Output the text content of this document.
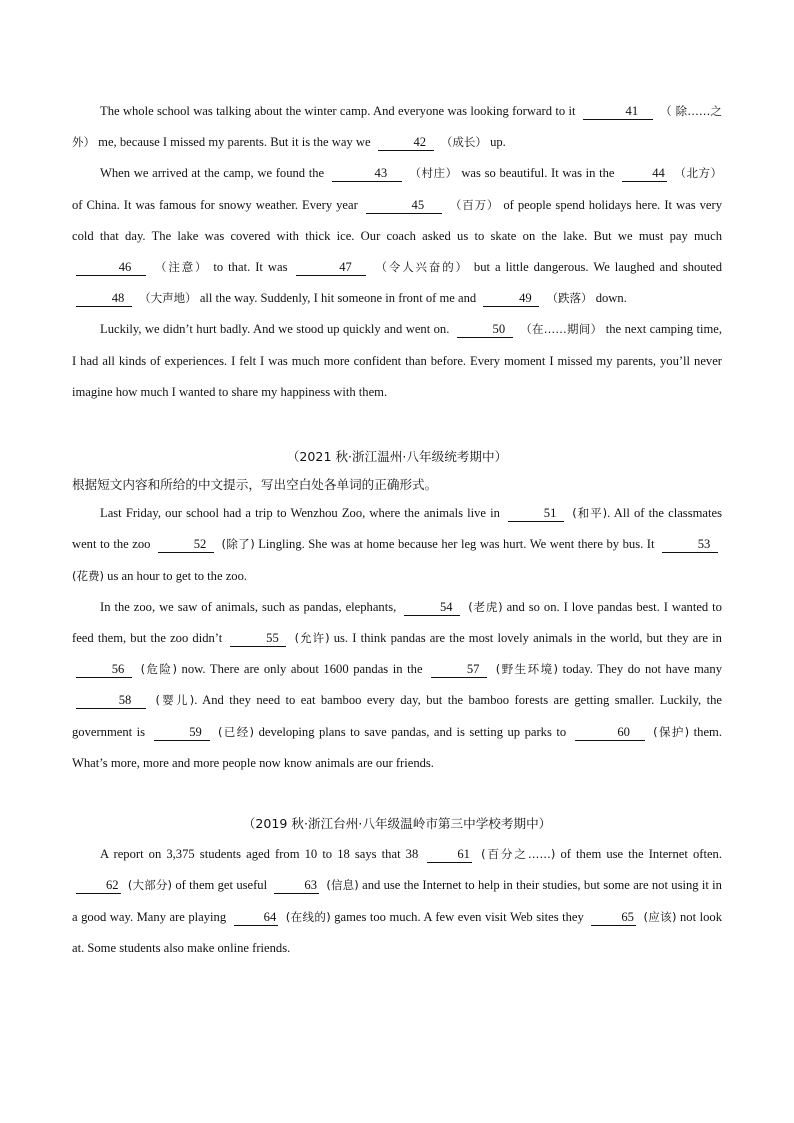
The whole school was talking about the winter camp. And everyone was looking forward to it	41 （ 除……之外） me, because I missed my parents. But it is the way we	42 （成长） up.

When we arrived at the camp, we found the	43 （村庄） was so beautiful. It was in the	44 （北方） of China. It was famous for snowy weather. Every year	45 （百万） of people spend holidays here. It was very cold that day. The lake was covered with thick ice. Our coach asked us to skate on the lake. But we must pay much 46 （注意） to that. It was	47 （令人兴奋的） but a little dangerous. We laughed and shouted 48 （大声地） all the way. Suddenly, I hit someone in front of me and	49 （跌落） down.

Luckily, we didn’t hurt badly. And we stood up quickly and went on.	50 （在……期间） the next camping time, I had all kinds of experiences. I felt I was much more confident than before. Every moment I missed my parents, you’ll never imagine how much I wanted to share my happiness with them.

（2021 秋·浙江温州·八年级统考期中）

根据短文内容和所给的中文提示，写出空白处各单词的正确形式。

Last Friday, our school had a trip to Wenzhou Zoo, where the animals live in	51 (和平). All of the classmates went to the zoo	52 (除了) Lingling. She was at home because her leg was hurt. We went there by bus. It	53 (花费) us an hour to get to the zoo.

In the zoo, we saw of animals, such as pandas, elephants,	54 (老虎) and so on. I love pandas best. I wanted to feed them, but the zoo didn’t	55 (允许) us. I think pandas are the most lovely animals in the world, but they are in 56 (危险) now. There are only about 1600 pandas in the	57 (野生环境) today. They do not have many 58 (婴儿). And they need to eat bamboo every day, but the bamboo forests are getting smaller. Luckily, the government is	59 (已经) developing plans to save pandas, and is setting up parks to	60 (保护) them. What’s more, more and more people now know animals are our friends.

（2019 秋·浙江台州·八年级温岭市第三中学校考期中）

A report on 3,375 students aged from 10 to 18 says that 38	61 (百分之……) of them use the Internet often. 62 (大部分) of them get useful	63 (信息) and use the Internet to help in their studies, but some are not using it in a good way. Many are playing	64 (在线的) games too much. A few even visit Web sites they	65 (应该) not look at. Some students also make online friends.
